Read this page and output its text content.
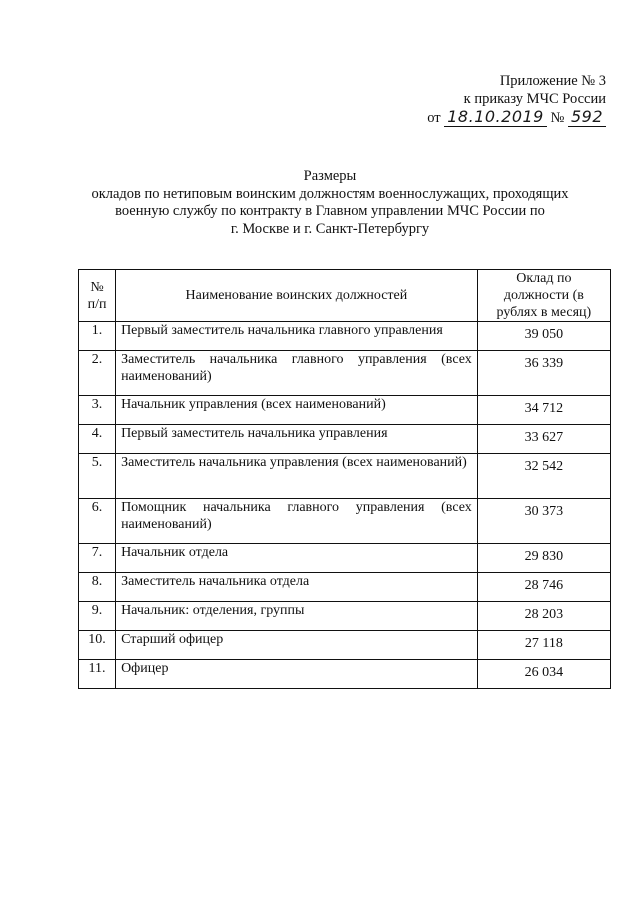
Приложение № 3
к приказу МЧС России
от 18.10.2019 № 592
Размеры
окладов по нетиповым воинским должностям военнослужащих, проходящих
военную службу по контракту в Главном управлении МЧС России по
г. Москве и г. Санкт-Петербургу
№ п/п	Наименование воинских должностей	Оклад по должности (в рублях в месяц)
1.	Первый заместитель начальника главного управления	39 050
2.	Заместитель начальника главного управления (всех наименований)	36 339
3.	Начальник управления (всех наименований)	34 712
4.	Первый заместитель начальника управления	33 627
5.	Заместитель начальника управления (всех наименований)	32 542
6.	Помощник начальника главного управления (всех наименований)	30 373
7.	Начальник отдела	29 830
8.	Заместитель начальника отдела	28 746
9.	Начальник: отделения, группы	28 203
10.	Старший офицер	27 118
11.	Офицер	26 034
